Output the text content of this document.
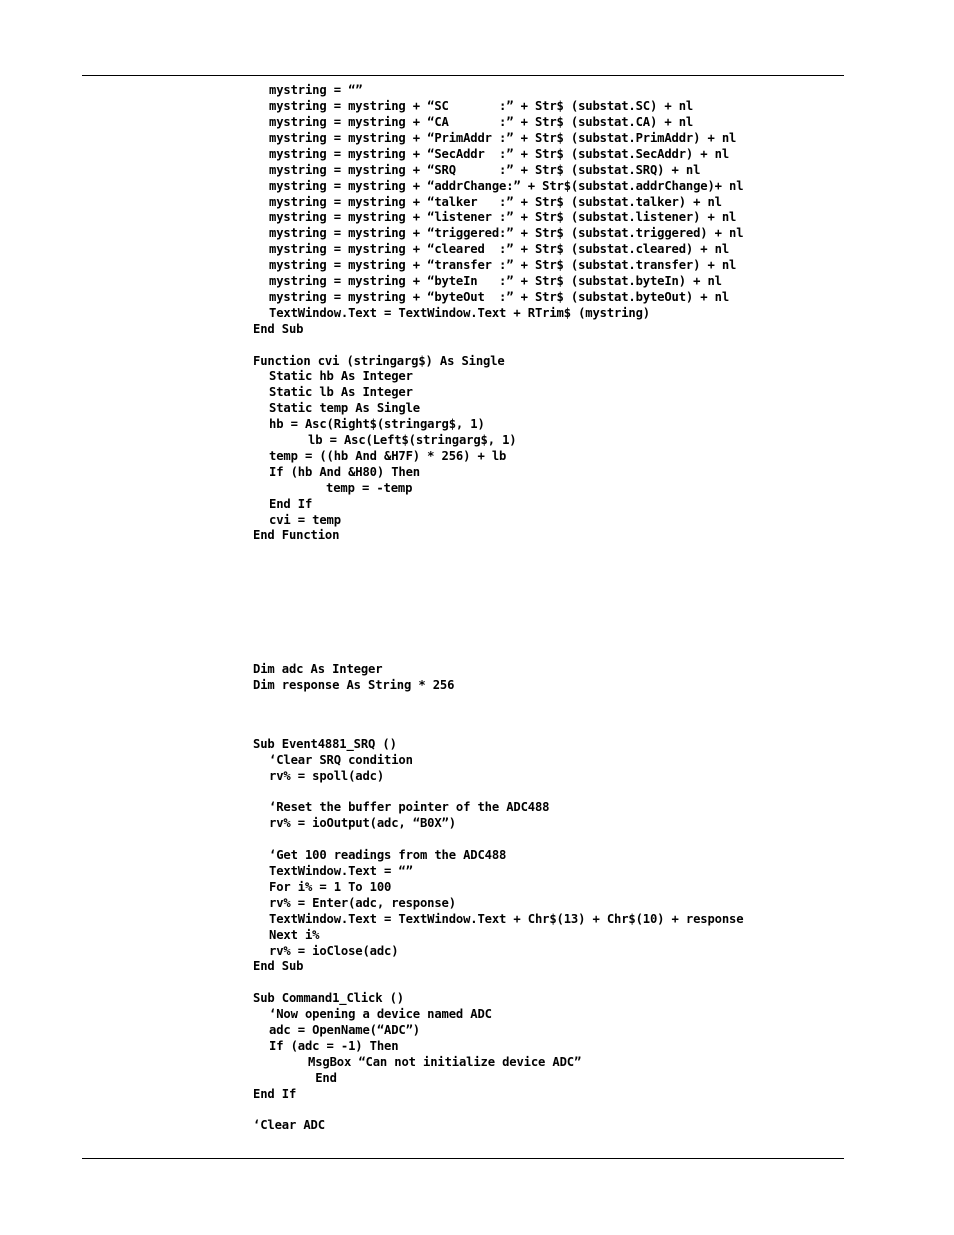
mystring = “”
mystring = mystring + “SC       :” + Str$ (substat.SC) + nl
mystring = mystring + “CA       :” + Str$ (substat.CA) + nl
mystring = mystring + “PrimAddr :” + Str$ (substat.PrimAddr) + nl
mystring = mystring + “SecAddr  :” + Str$ (substat.SecAddr) + nl
mystring = mystring + “SRQ      :” + Str$ (substat.SRQ) + nl
mystring = mystring + “addrChange:” + Str$(substat.addrChange)+ nl
mystring = mystring + “talker   :” + Str$ (substat.talker) + nl
mystring = mystring + “listener :” + Str$ (substat.listener) + nl
mystring = mystring + “triggered:” + Str$ (substat.triggered) + nl
mystring = mystring + “cleared  :” + Str$ (substat.cleared) + nl
mystring = mystring + “transfer :” + Str$ (substat.transfer) + nl
mystring = mystring + “byteIn   :” + Str$ (substat.byteIn) + nl
mystring = mystring + “byteOut  :” + Str$ (substat.byteOut) + nl
TextWindow.Text = TextWindow.Text + RTrim$ (mystring)
End Sub
Function cvi (stringarg$) As Single
Static hb As Integer
Static lb As Integer
Static temp As Single
hb = Asc(Right$(stringarg$, 1)
lb = Asc(Left$(stringarg$, 1)
temp = ((hb And &H7F) * 256) + lb
If (hb And &H80) Then
temp = -temp
End If
cvi = temp
End Function
Dim adc As Integer
Dim response As String * 256
Sub Event4881_SRQ ()
‘Clear SRQ condition
rv% = spoll(adc)
‘Reset the buffer pointer of the ADC488
rv% = ioOutput(adc, “B0X”)
‘Get 100 readings from the ADC488
TextWindow.Text = “”
For i% = 1 To 100
rv% = Enter(adc, response)
TextWindow.Text = TextWindow.Text + Chr$(13) + Chr$(10) + response
Next i%
rv% = ioClose(adc)
End Sub
Sub Command1_Click ()
‘Now opening a device named ADC
adc = OpenName(“ADC”)
If (adc = -1) Then
MsgBox “Can not initialize device ADC”
End
End If
‘Clear ADC
